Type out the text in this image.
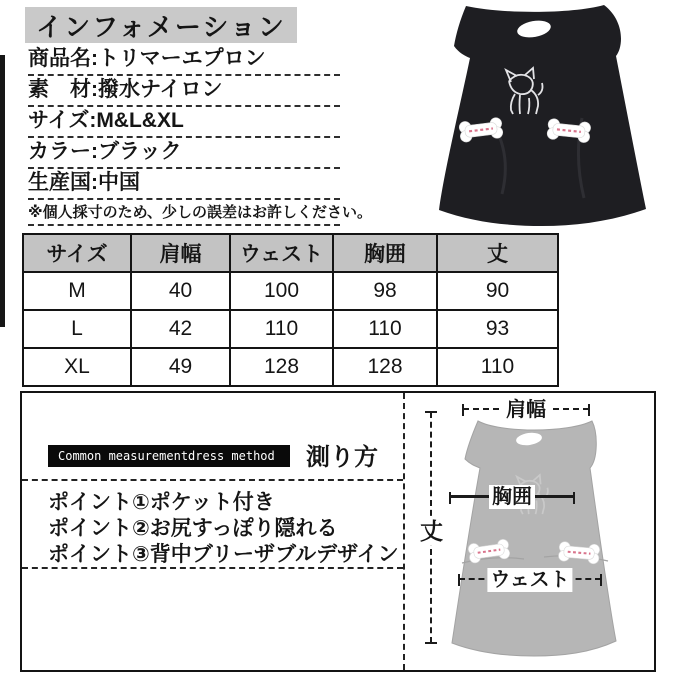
インフォメーション
商品名:トリマーエプロン
素　材:撥水ナイロン
サイズ:M&L&XL
カラー:ブラック
生産国:中国
※個人採寸のため、少しの誤差はお許しください。
サイズ	肩幅	ウェスト	胸囲	丈
M	40	100	98	90
L	42	110	110	93
XL	49	128	128	110
Common measurementdress method	測り方
ポイント①ポケット付き
ポイント②お尻すっぽり隠れる
ポイント③背中ブリーザブルデザイン
肩幅
胸囲
ウェスト
丈
